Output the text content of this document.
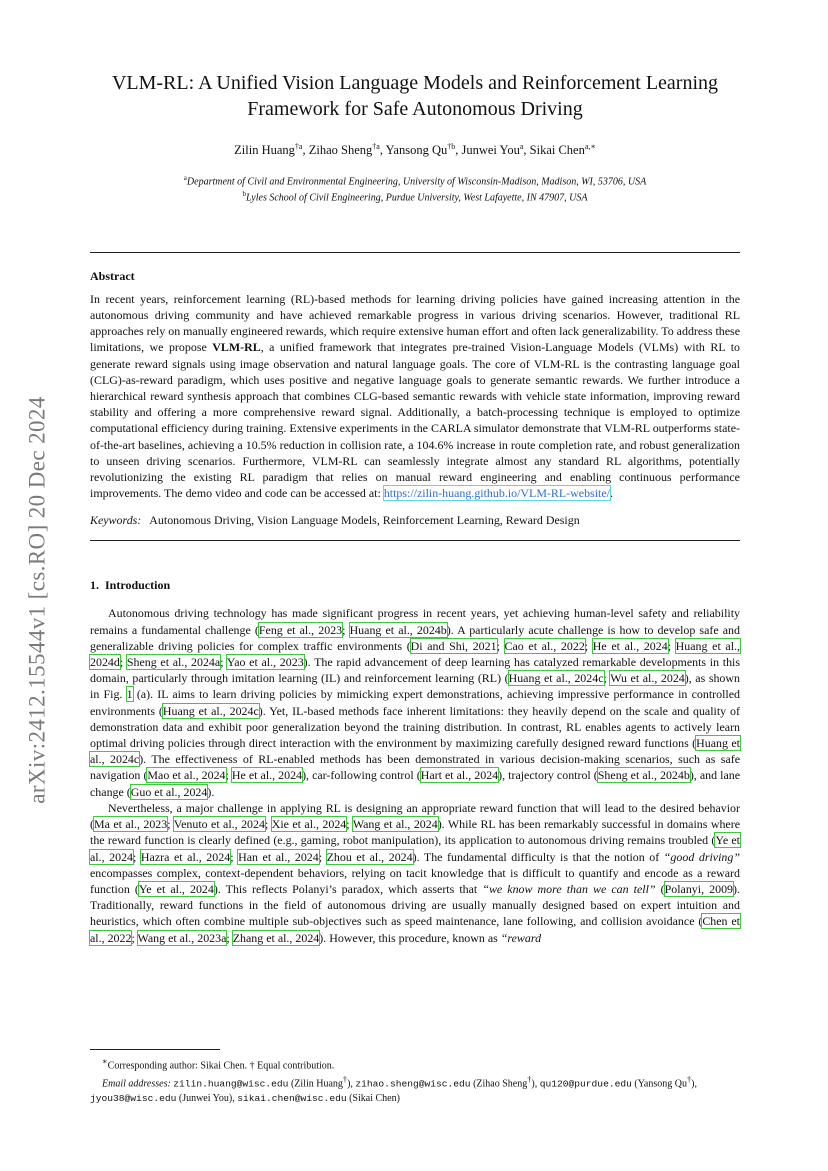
arXiv:2412.15544v1 [cs.RO] 20 Dec 2024
VLM-RL: A Unified Vision Language Models and Reinforcement Learning
Framework for Safe Autonomous Driving
Zilin Huang$^{\dagger a}$, Zihao Sheng$^{\dagger a}$, Yansong Qu$^{\dagger b}$, Junwei You$^a$, Sikai Chen$^{a,∗}$
$^a$Department of Civil and Environmental Engineering, University of Wisconsin-Madison, Madison, WI, 53706, USA
$^b$Lyles School of Civil Engineering, Purdue University, West Lafayette, IN 47907, USA
Abstract

In recent years, reinforcement learning (RL)-based methods for learning driving policies have gained increasing attention in the autonomous driving community and have achieved remarkable progress in various driving scenarios. However, traditional RL approaches rely on manually engineered rewards, which require extensive human effort and often lack generalizability. To address these limitations, we propose VLM-RL, a unified framework that integrates pre-trained Vision-Language Models (VLMs) with RL to generate reward signals using image observation and natural language goals. The core of VLM-RL is the contrasting language goal (CLG)-as-reward paradigm, which uses positive and negative language goals to generate semantic rewards. We further introduce a hierarchical reward synthesis approach that combines CLG-based semantic rewards with vehicle state information, improving reward stability and offering a more comprehensive reward signal. Additionally, a batch-processing technique is employed to optimize computational efficiency during training. Extensive experiments in the CARLA simulator demonstrate that VLM-RL outperforms state-of-the-art baselines, achieving a 10.5% reduction in collision rate, a 104.6% increase in route completion rate, and robust generalization to unseen driving scenarios. Furthermore, VLM-RL can seamlessly integrate almost any standard RL algorithms, potentially revolutionizing the existing RL paradigm that relies on manual reward engineering and enabling continuous performance improvements. The demo video and code can be accessed at: https://zilin-huang.github.io/VLM-RL-website/.

Keywords: Autonomous Driving, Vision Language Models, Reinforcement Learning, Reward Design
1. Introduction

Autonomous driving technology has made significant progress in recent years, yet achieving human-level safety and reliability remains a fundamental challenge (Feng et al., 2023; Huang et al., 2024b). A particularly acute challenge is how to develop safe and generalizable driving policies for complex traffic environments (Di and Shi, 2021; Cao et al., 2022; He et al., 2024; Huang et al., 2024d; Sheng et al., 2024a; Yao et al., 2023). The rapid advancement of deep learning has catalyzed remarkable developments in this domain, particularly through imitation learning (IL) and reinforcement learning (RL) (Huang et al., 2024c; Wu et al., 2024), as shown in Fig. 1 (a). IL aims to learn driving policies by mimicking expert demonstrations, achieving impressive performance in controlled environments (Huang et al., 2024c). Yet, IL-based methods face inherent limitations: they heavily depend on the scale and quality of demonstration data and exhibit poor generalization beyond the training distribution. In contrast, RL enables agents to actively learn optimal driving policies through direct interaction with the environment by maximizing carefully designed reward functions (Huang et al., 2024c). The effectiveness of RL-enabled methods has been demonstrated in various decision-making scenarios, such as safe navigation (Mao et al., 2024; He et al., 2024), car-following control (Hart et al., 2024), trajectory control (Sheng et al., 2024b), and lane change (Guo et al., 2024).

Nevertheless, a major challenge in applying RL is designing an appropriate reward function that will lead to the desired behavior (Ma et al., 2023; Venuto et al., 2024; Xie et al., 2024; Wang et al., 2024). While RL has been remarkably successful in domains where the reward function is clearly defined (e.g., gaming, robot manipulation), its application to autonomous driving remains troubled (Ye et al., 2024; Hazra et al., 2024; Han et al., 2024; Zhou et al., 2024). The fundamental difficulty is that the notion of “good driving” encompasses complex, context-dependent behaviors, relying on tacit knowledge that is difficult to quantify and encode as a reward function (Ye et al., 2024). This reflects Polanyi’s paradox, which asserts that “we know more than we can tell” (Polanyi, 2009). Traditionally, reward functions in the field of autonomous driving are usually manually designed based on expert intuition and heuristics, which often combine multiple sub-objectives such as speed maintenance, lane following, and collision avoidance (Chen et al., 2022; Wang et al., 2023a; Zhang et al., 2024). However, this procedure, known as “reward

∗Corresponding author: Sikai Chen. † Equal contribution.

Email addresses: zilin.huang@wisc.edu (Zilin Huang†), zihao.sheng@wisc.edu (Zihao Sheng†), qu120@purdue.edu (Yansong Qu†), jyou38@wisc.edu (Junwei You), sikai.chen@wisc.edu (Sikai Chen)
